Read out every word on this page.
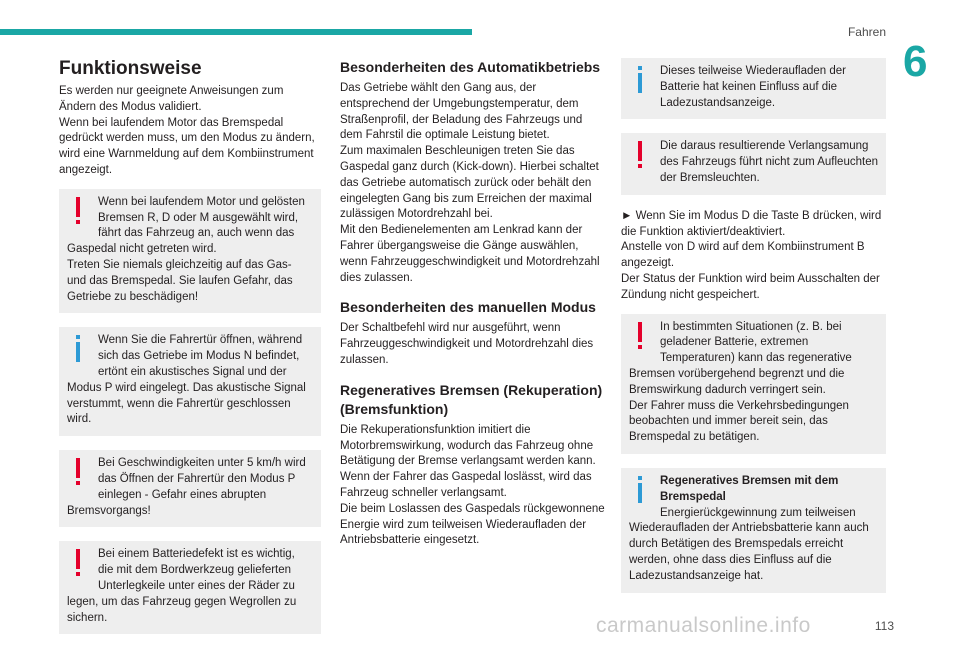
Fahren
6
Funktionsweise

Es werden nur geeignete Anweisungen zum Ändern des Modus validiert.
Wenn bei laufendem Motor das Bremspedal gedrückt werden muss, um den Modus zu ändern, wird eine Warnmeldung auf dem Kombiinstrument angezeigt.

Wenn bei laufendem Motor und gelösten Bremsen R, D oder M ausgewählt wird, fährt das Fahrzeug an, auch wenn das Gaspedal nicht getreten wird.
Treten Sie niemals gleichzeitig auf das Gas- und das Bremspedal. Sie laufen Gefahr, das Getriebe zu beschädigen!

Wenn Sie die Fahrertür öffnen, während sich das Getriebe im Modus N befindet, ertönt ein akustisches Signal und der Modus P wird eingelegt. Das akustische Signal verstummt, wenn die Fahrertür geschlossen wird.

Bei Geschwindigkeiten unter 5 km/h wird das Öffnen der Fahrertür den Modus P einlegen - Gefahr eines abrupten Bremsvorgangs!

Bei einem Batteriedefekt ist es wichtig, die mit dem Bordwerkzeug gelieferten Unterlegkeile unter eines der Räder zu legen, um das Fahrzeug gegen Wegrollen zu sichern.

Besonderheiten des Automatikbetriebs

Das Getriebe wählt den Gang aus, der entsprechend der Umgebungstemperatur, dem Straßenprofil, der Beladung des Fahrzeugs und dem Fahrstil die optimale Leistung bietet.
Zum maximalen Beschleunigen treten Sie das Gaspedal ganz durch (Kick-down). Hierbei schaltet das Getriebe automatisch zurück oder behält den eingelegten Gang bis zum Erreichen der maximal zulässigen Motordrehzahl bei.
Mit den Bedienelementen am Lenkrad kann der Fahrer übergangsweise die Gänge auswählen, wenn Fahrzeuggeschwindigkeit und Motordrehzahl dies zulassen.

Besonderheiten des manuellen Modus

Der Schaltbefehl wird nur ausgeführt, wenn Fahrzeuggeschwindigkeit und Motordrehzahl dies zulassen.

Regeneratives Bremsen (Rekuperation) (Bremsfunktion)

Die Rekuperationsfunktion imitiert die Motorbremswirkung, wodurch das Fahrzeug ohne Betätigung der Bremse verlangsamt werden kann.
Wenn der Fahrer das Gaspedal loslässt, wird das Fahrzeug schneller verlangsamt.
Die beim Loslassen des Gaspedals rückgewonnene Energie wird zum teilweisen Wiederaufladen der Antriebsbatterie eingesetzt.

Dieses teilweise Wiederaufladen der Batterie hat keinen Einfluss auf die Ladezustandsanzeige.

Die daraus resultierende Verlangsamung des Fahrzeugs führt nicht zum Aufleuchten der Bremsleuchten.

► Wenn Sie im Modus D die Taste B drücken, wird die Funktion aktiviert/deaktiviert.
Anstelle von D wird auf dem Kombiinstrument B angezeigt.
Der Status der Funktion wird beim Ausschalten der Zündung nicht gespeichert.

In bestimmten Situationen (z. B. bei geladener Batterie, extremen Temperaturen) kann das regenerative Bremsen vorübergehend begrenzt und die Bremswirkung dadurch verringert sein.
Der Fahrer muss die Verkehrsbedingungen beobachten und immer bereit sein, das Bremspedal zu betätigen.

Regeneratives Bremsen mit dem Bremspedal

Energierückgewinnung zum teilweisen Wiederaufladen der Antriebsbatterie kann auch durch Betätigen des Bremspedals erreicht werden, ohne dass dies Einfluss auf die Ladezustandsanzeige hat.

carmanualsonline.info	113
